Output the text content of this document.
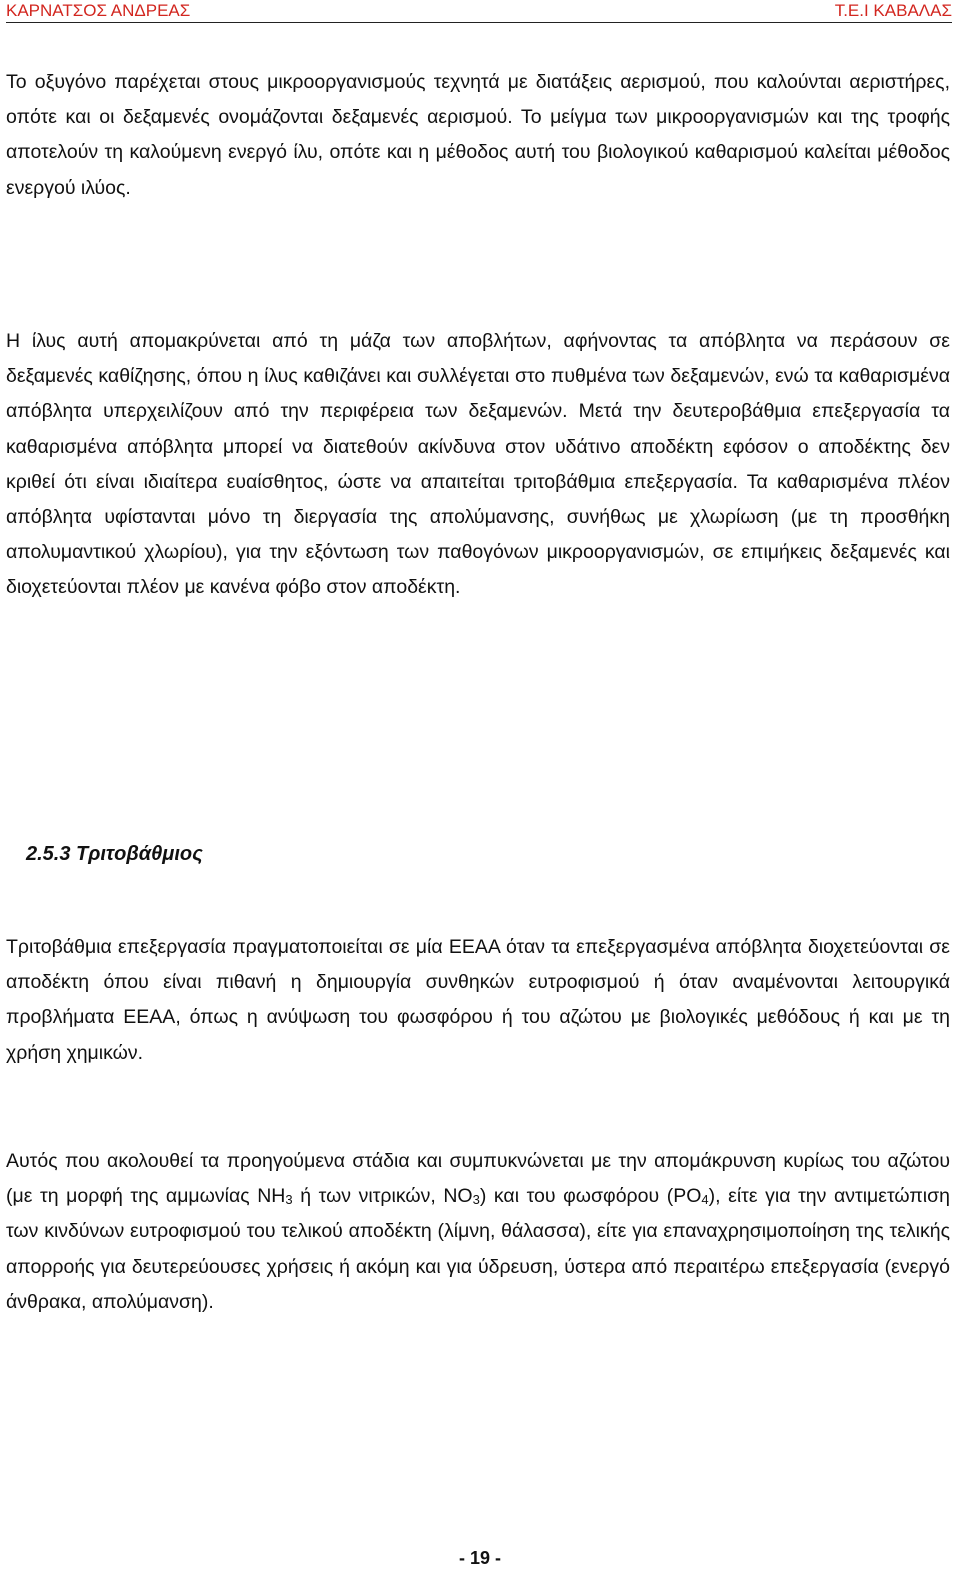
ΚΑΡΝΑΤΣΟΣ ΑΝΔΡΕΑΣ	Τ.Ε.Ι ΚΑΒΑΛΑΣ

Το οξυγόνο παρέχεται στους μικροοργανισμούς τεχνητά με διατάξεις αερισμού, που καλούνται αεριστήρες, οπότε και οι δεξαμενές ονομάζονται δεξαμενές αερισμού. Το μείγμα των μικροοργανισμών και της τροφής αποτελούν τη καλούμενη ενεργό ίλυ, οπότε και η μέθοδος αυτή του βιολογικού καθαρισμού καλείται μέθοδος ενεργού ιλύος.

Η ίλυς αυτή απομακρύνεται από τη μάζα των αποβλήτων, αφήνοντας τα απόβλητα να περάσουν σε δεξαμενές καθίζησης, όπου η ίλυς καθιζάνει και συλλέγεται στο πυθμένα των δεξαμενών, ενώ τα καθαρισμένα απόβλητα υπερχειλίζουν από την περιφέρεια των δεξαμενών. Μετά την δευτεροβάθμια επεξεργασία τα καθαρισμένα απόβλητα μπορεί να διατεθούν ακίνδυνα στον υδάτινο αποδέκτη εφόσον ο αποδέκτης δεν κριθεί ότι είναι ιδιαίτερα ευαίσθητος, ώστε να απαιτείται τριτοβάθμια επεξεργασία. Τα καθαρισμένα πλέον απόβλητα υφίστανται μόνο τη διεργασία της απολύμανσης, συνήθως με χλωρίωση (με τη προσθήκη απολυμαντικού χλωρίου), για την εξόντωση των παθογόνων μικροοργανισμών, σε επιμήκεις δεξαμενές και διοχετεύονται πλέον με κανένα φόβο στον αποδέκτη.

2.5.3 Τριτοβάθμιος

Τριτοβάθμια επεξεργασία πραγματοποιείται σε μία ΕΕΑΑ όταν τα επεξεργασμένα απόβλητα διοχετεύονται σε αποδέκτη όπου είναι πιθανή η δημιουργία συνθηκών ευτροφισμού ή όταν αναμένονται λειτουργικά προβλήματα ΕΕΑΑ, όπως η ανύψωση του φωσφόρου ή του αζώτου με βιολογικές μεθόδους ή και με τη χρήση χημικών.

Αυτός που ακολουθεί τα προηγούμενα στάδια και συμπυκνώνεται με την απομάκρυνση κυρίως του αζώτου (με τη μορφή της αμμωνίας $NH_3$ ή των νιτρικών, $NO_3$) και του φωσφόρου $(PO_4)$, είτε για την αντιμετώπιση των κινδύνων ευτροφισμού του τελικού αποδέκτη (λίμνη, θάλασσα), είτε για επαναχρησιμοποίηση της τελικής απορροής για δευτερεύουσες χρήσεις ή ακόμη και για ύδρευση, ύστερα από περαιτέρω επεξεργασία (ενεργό άνθρακα, απολύμανση).

- 19 -
